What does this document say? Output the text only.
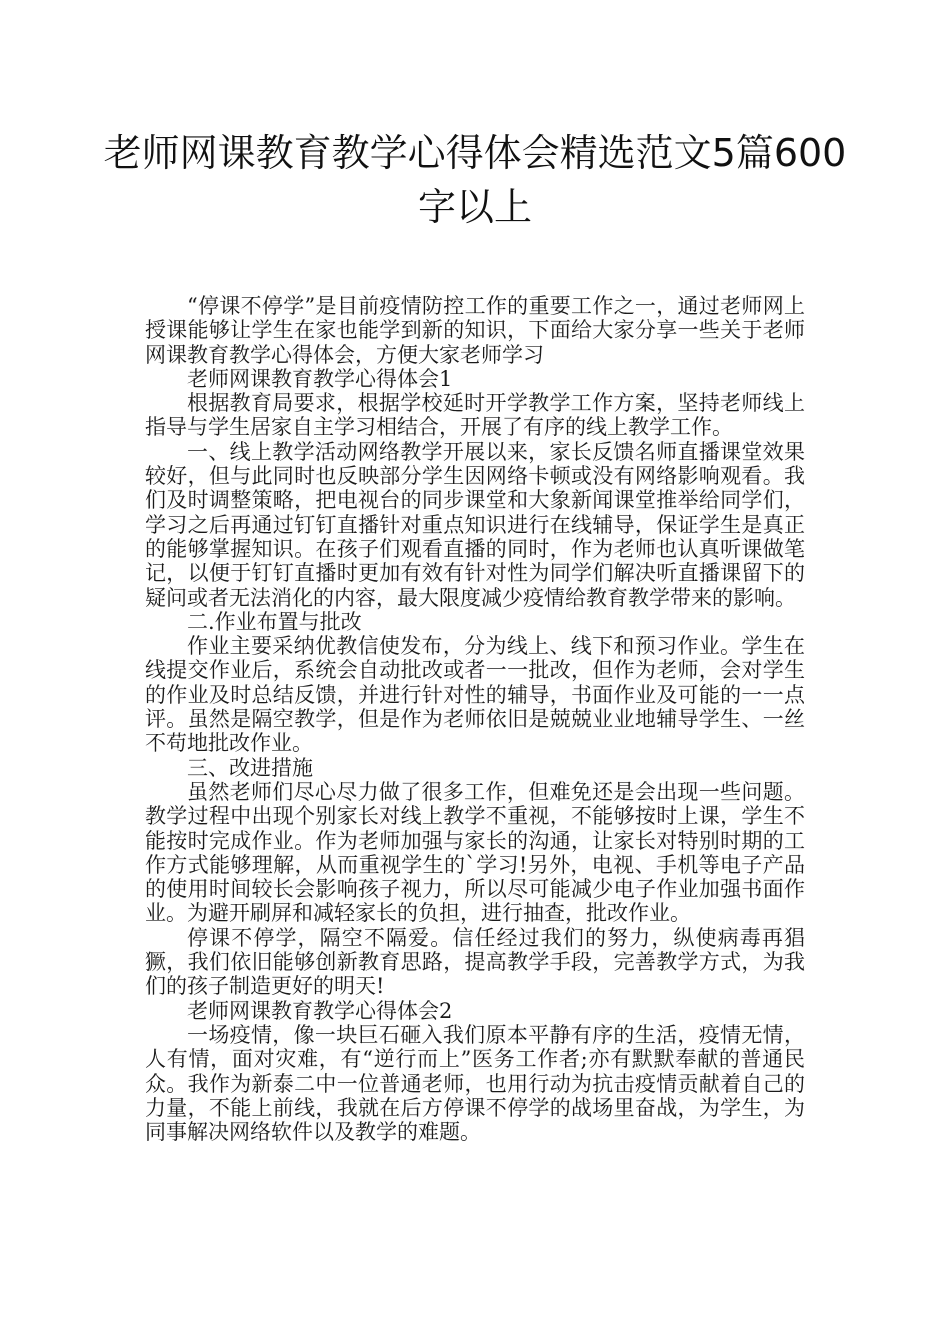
老师网课教育教学心得体会精选范文5篇600字以上

“停课不停学”是目前疫情防控工作的重要工作之一，通过老师网上授课能够让学生在家也能学到新的知识，下面给大家分享一些关于老师网课教育教学心得体会，方便大家老师学习

老师网课教育教学心得体会1

根据教育局要求，根据学校延时开学教学工作方案，坚持老师线上指导与学生居家自主学习相结合，开展了有序的线上教学工作。

一、线上教学活动网络教学开展以来，家长反馈名师直播课堂效果较好，但与此同时也反映部分学生因网络卡顿或没有网络影响观看。我们及时调整策略，把电视台的同步课堂和大象新闻课堂推举给同学们，学习之后再通过钉钉直播针对重点知识进行在线辅导，保证学生是真正的能够掌握知识。在孩子们观看直播的同时，作为老师也认真听课做笔记，以便于钉钉直播时更加有效有针对性为同学们解决听直播课留下的疑问或者无法消化的内容，最大限度减少疫情给教育教学带来的影响。

二.作业布置与批改

作业主要采纳优教信使发布，分为线上、线下和预习作业。学生在线提交作业后，系统会自动批改或者一一批改，但作为老师，会对学生的作业及时总结反馈，并进行针对性的辅导，书面作业及可能的一一点评。虽然是隔空教学，但是作为老师依旧是兢兢业业地辅导学生、一丝不苟地批改作业。

三、改进措施

虽然老师们尽心尽力做了很多工作，但难免还是会出现一些问题。教学过程中出现个别家长对线上教学不重视，不能够按时上课，学生不能按时完成作业。作为老师加强与家长的沟通，让家长对特别时期的工作方式能够理解，从而重视学生的`学习!另外，电视、手机等电子产品的使用时间较长会影响孩子视力，所以尽可能减少电子作业加强书面作业。为避开刷屏和减轻家长的负担，进行抽查，批改作业。

停课不停学，隔空不隔爱。信任经过我们的努力，纵使病毒再猖獗，我们依旧能够创新教育思路，提高教学手段，完善教学方式，为我们的孩子制造更好的明天!

老师网课教育教学心得体会2

一场疫情，像一块巨石砸入我们原本平静有序的生活，疫情无情，人有情，面对灾难，有“逆行而上”医务工作者;亦有默默奉献的普通民众。我作为新泰二中一位普通老师，也用行动为抗击疫情贡献着自己的力量，不能上前线，我就在后方停课不停学的战场里奋战，为学生，为同事解决网络软件以及教学的难题。
